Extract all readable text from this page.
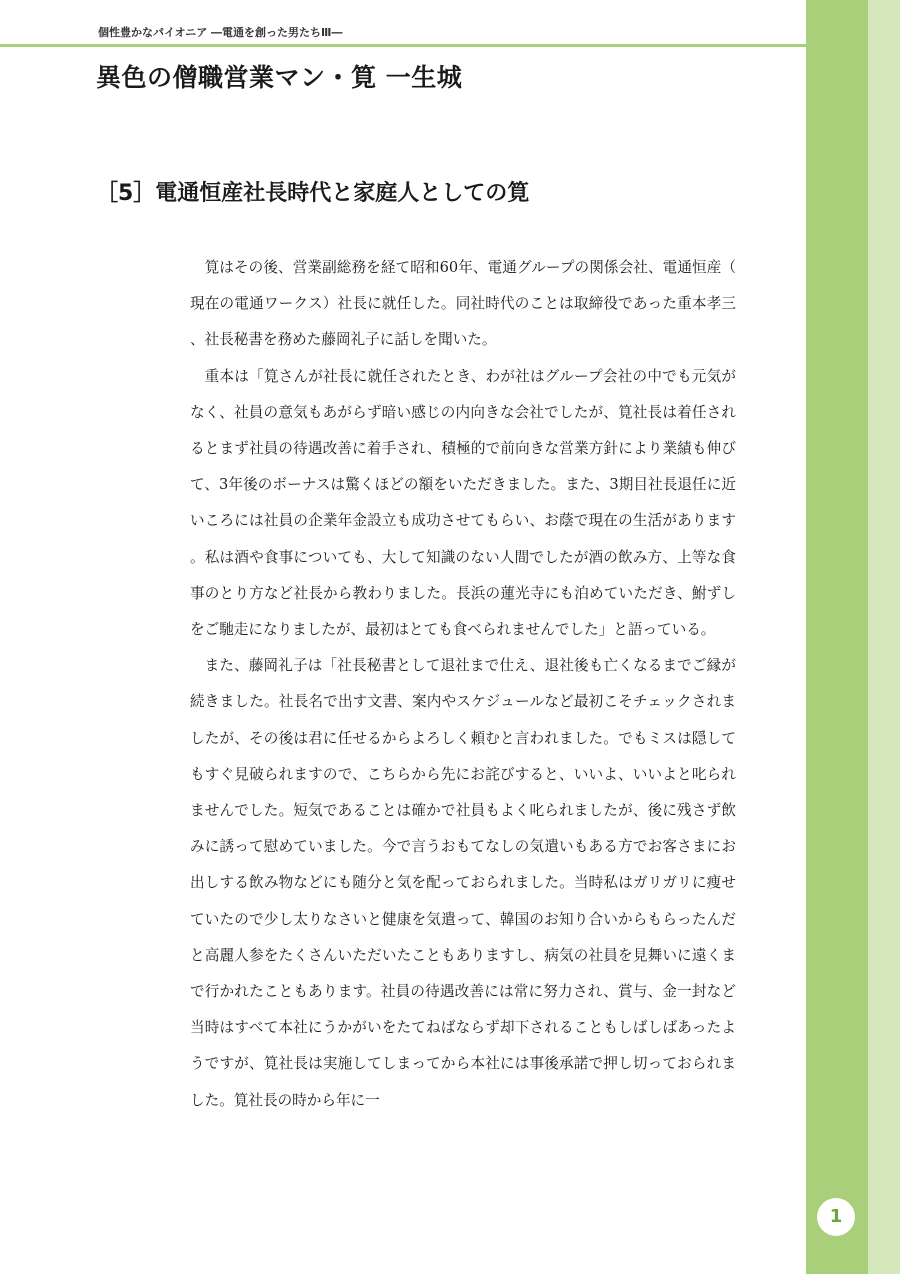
個性豊かなパイオニア ―電通を創った男たちⅢ―
異色の僧職営業マン・筧 一生城
［5］電通恒産社長時代と家庭人としての筧

筧はその後、営業副総務を経て昭和60年、電通グループの関係会社、電通恒産（現在の電通ワークス）社長に就任した。同社時代のことは取締役であった重本孝三、社長秘書を務めた藤岡礼子に話しを聞いた。

重本は「筧さんが社長に就任されたとき、わが社はグループ会社の中でも元気がなく、社員の意気もあがらず暗い感じの内向きな会社でしたが、筧社長は着任されるとまず社員の待遇改善に着手され、積極的で前向きな営業方針により業績も伸びて、3年後のボーナスは驚くほどの額をいただきました。また、3期目社長退任に近いころには社員の企業年金設立も成功させてもらい、お蔭で現在の生活があります。私は酒や食事についても、大して知識のない人間でしたが酒の飲み方、上等な食事のとり方など社長から教わりました。長浜の蓮光寺にも泊めていただき、鮒ずしをご馳走になりましたが、最初はとても食べられませんでした」と語っている。

また、藤岡礼子は「社長秘書として退社まで仕え、退社後も亡くなるまでご縁が続きました。社長名で出す文書、案内やスケジュールなど最初こそチェックされましたが、その後は君に任せるからよろしく頼むと言われました。でもミスは隠してもすぐ見破られますので、こちらから先にお詫びすると、いいよ、いいよと叱られませんでした。短気であることは確かで社員もよく叱られましたが、後に残さず飲みに誘って慰めていました。今で言うおもてなしの気遣いもある方でお客さまにお出しする飲み物などにも随分と気を配っておられました。当時私はガリガリに痩せていたので少し太りなさいと健康を気遣って、韓国のお知り合いからもらったんだと高麗人参をたくさんいただいたこともありますし、病気の社員を見舞いに遠くまで行かれたこともあります。社員の待遇改善には常に努力され、賞与、金一封など当時はすべて本社にうかがいをたてねばならず却下されることもしばしばあったようですが、筧社長は実施してしまってから本社には事後承諾で押し切っておられました。筧社長の時から年に一

1
